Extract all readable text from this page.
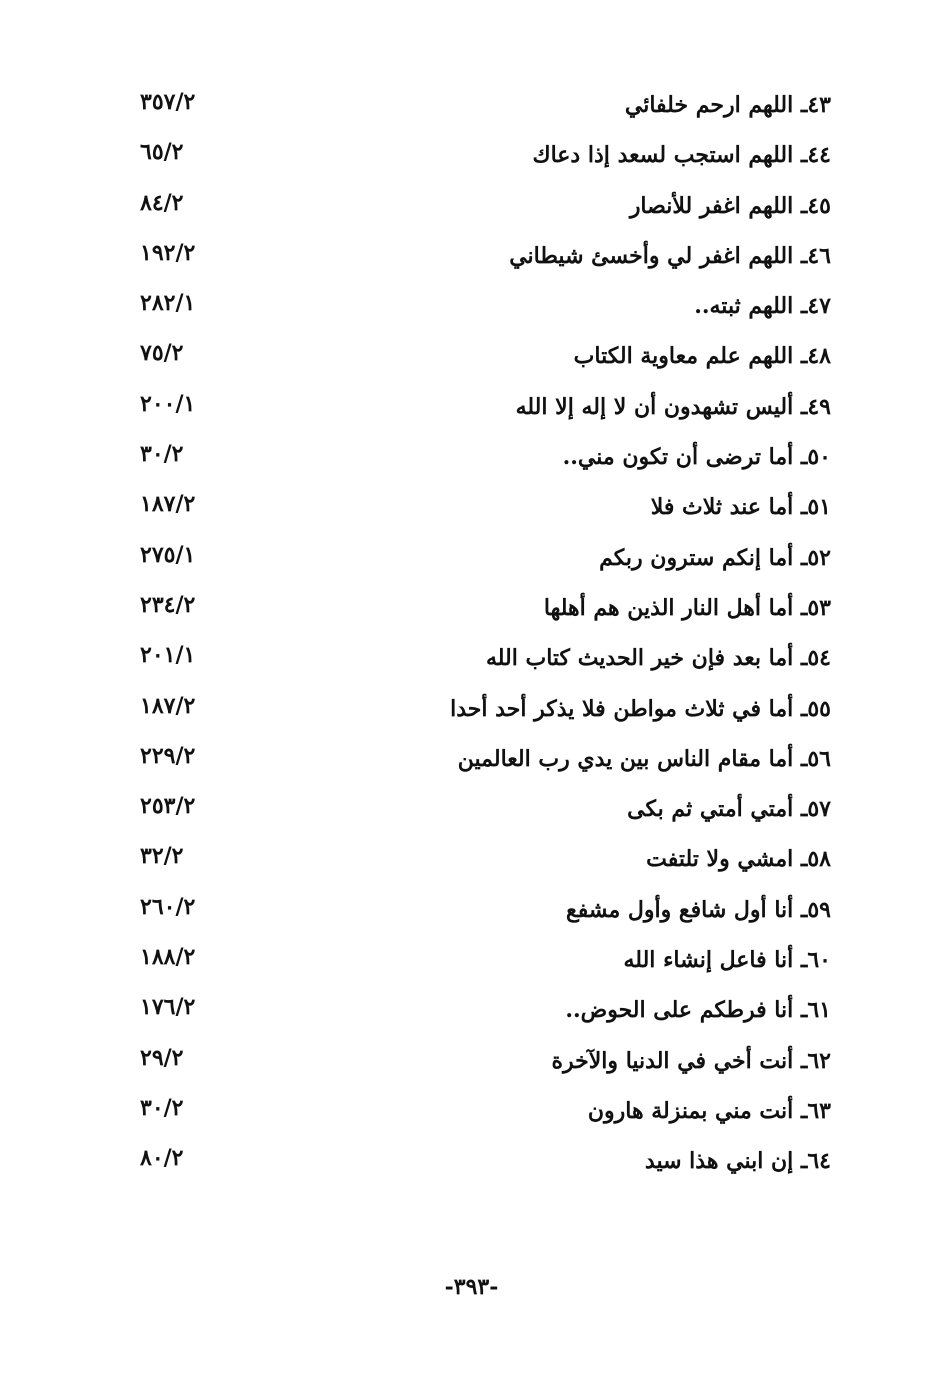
٤٣ـ اللهم ارحم خلفائي
٣٥٧/٢
٤٤ـ اللهم استجب لسعد إذا دعاك
٦٥/٢
٤٥ـ اللهم اغفر للأنصار
٨٤/٢
٤٦ـ اللهم اغفر لي وأخسئ شيطاني
١٩٢/٢
٤٧ـ اللهم ثبته..
٢٨٢/١
٤٨ـ اللهم علم معاوية الكتاب
٧٥/٢
٤٩ـ أليس تشهدون أن لا إله إلا الله
٢٠٠/١
٥٠ـ أما ترضى أن تكون مني..
٣٠/٢
٥١ـ أما عند ثلاث فلا
١٨٧/٢
٥٢ـ أما إنكم سترون ربكم
٢٧٥/١
٥٣ـ أما أهل النار الذين هم أهلها
٢٣٤/٢
٥٤ـ أما بعد فإن خير الحديث كتاب الله
٢٠١/١
٥٥ـ أما في ثلاث مواطن فلا يذكر أحد أحدا
١٨٧/٢
٥٦ـ أما مقام الناس بين يدي رب العالمين
٢٢٩/٢
٥٧ـ أمتي أمتي ثم بكى
٢٥٣/٢
٥٨ـ امشي ولا تلتفت
٣٢/٢
٥٩ـ أنا أول شافع وأول مشفع
٢٦٠/٢
٦٠ـ أنا فاعل إنشاء الله
١٨٨/٢
٦١ـ أنا فرطكم على الحوض..
١٧٦/٢
٦٢ـ أنت أخي في الدنيا والآخرة
٢٩/٢
٦٣ـ أنت مني بمنزلة هارون
٣٠/٢
٦٤ـ إن ابني هذا سيد
٨٠/٢
-٣٩٣-
